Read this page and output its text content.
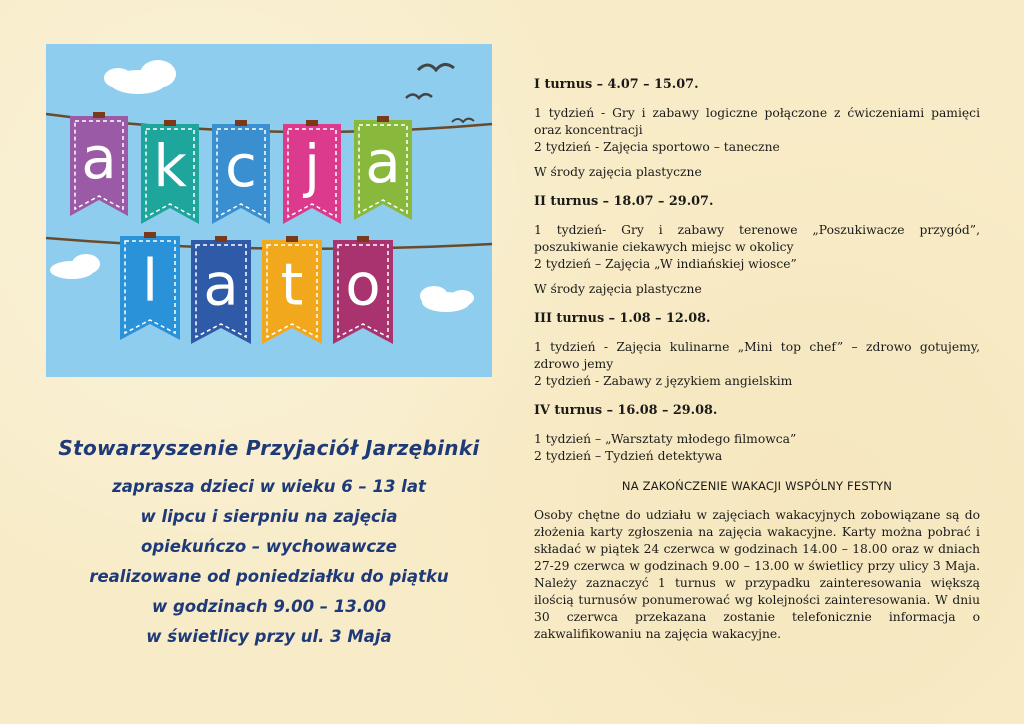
a k c j a
l a t o
Stowarzyszenie Przyjaciół Jarzębinki
zaprasza dzieci w wieku 6 – 13 lat
w lipcu i sierpniu na zajęcia
opiekuńczo – wychowawcze
realizowane od poniedziałku do piątku
w godzinach 9.00 – 13.00
w świetlicy przy ul. 3 Maja

I turnus – 4.07 – 15.07.

1 tydzień - Gry i zabawy logiczne połączone z ćwiczeniami pamięci oraz koncentracji

2 tydzień - Zajęcia sportowo – taneczne

W środy zajęcia plastyczne

II turnus – 18.07 – 29.07.

1 tydzień- Gry i zabawy terenowe „Poszukiwacze przygód”, poszukiwanie ciekawych miejsc w okolicy

2 tydzień – Zajęcia „W indiańskiej wiosce”

W środy zajęcia plastyczne

III turnus – 1.08 – 12.08.

1 tydzień - Zajęcia kulinarne „Mini top chef” – zdrowo gotujemy, zdrowo jemy

2 tydzień - Zabawy z językiem angielskim

IV turnus – 16.08 – 29.08.

1 tydzień – „Warsztaty młodego filmowca”

2 tydzień – Tydzień detektywa

NA ZAKOŃCZENIE WAKACJI WSPÓLNY FESTYN

Osoby chętne do udziału w zajęciach wakacyjnych zobowiązane są do złożenia karty zgłoszenia na zajęcia wakacyjne. Karty można pobrać i składać w piątek 24 czerwca w godzinach 14.00 – 18.00 oraz w dniach 27-29 czerwca w godzinach 9.00 – 13.00 w świetlicy przy ulicy 3 Maja. Należy zaznaczyć 1 turnus w przypadku zainteresowania większą ilością turnusów ponumerować wg kolejności zainteresowania. W dniu 30 czerwca przekazana zostanie telefonicznie informacja o zakwalifikowaniu na zajęcia wakacyjne.
